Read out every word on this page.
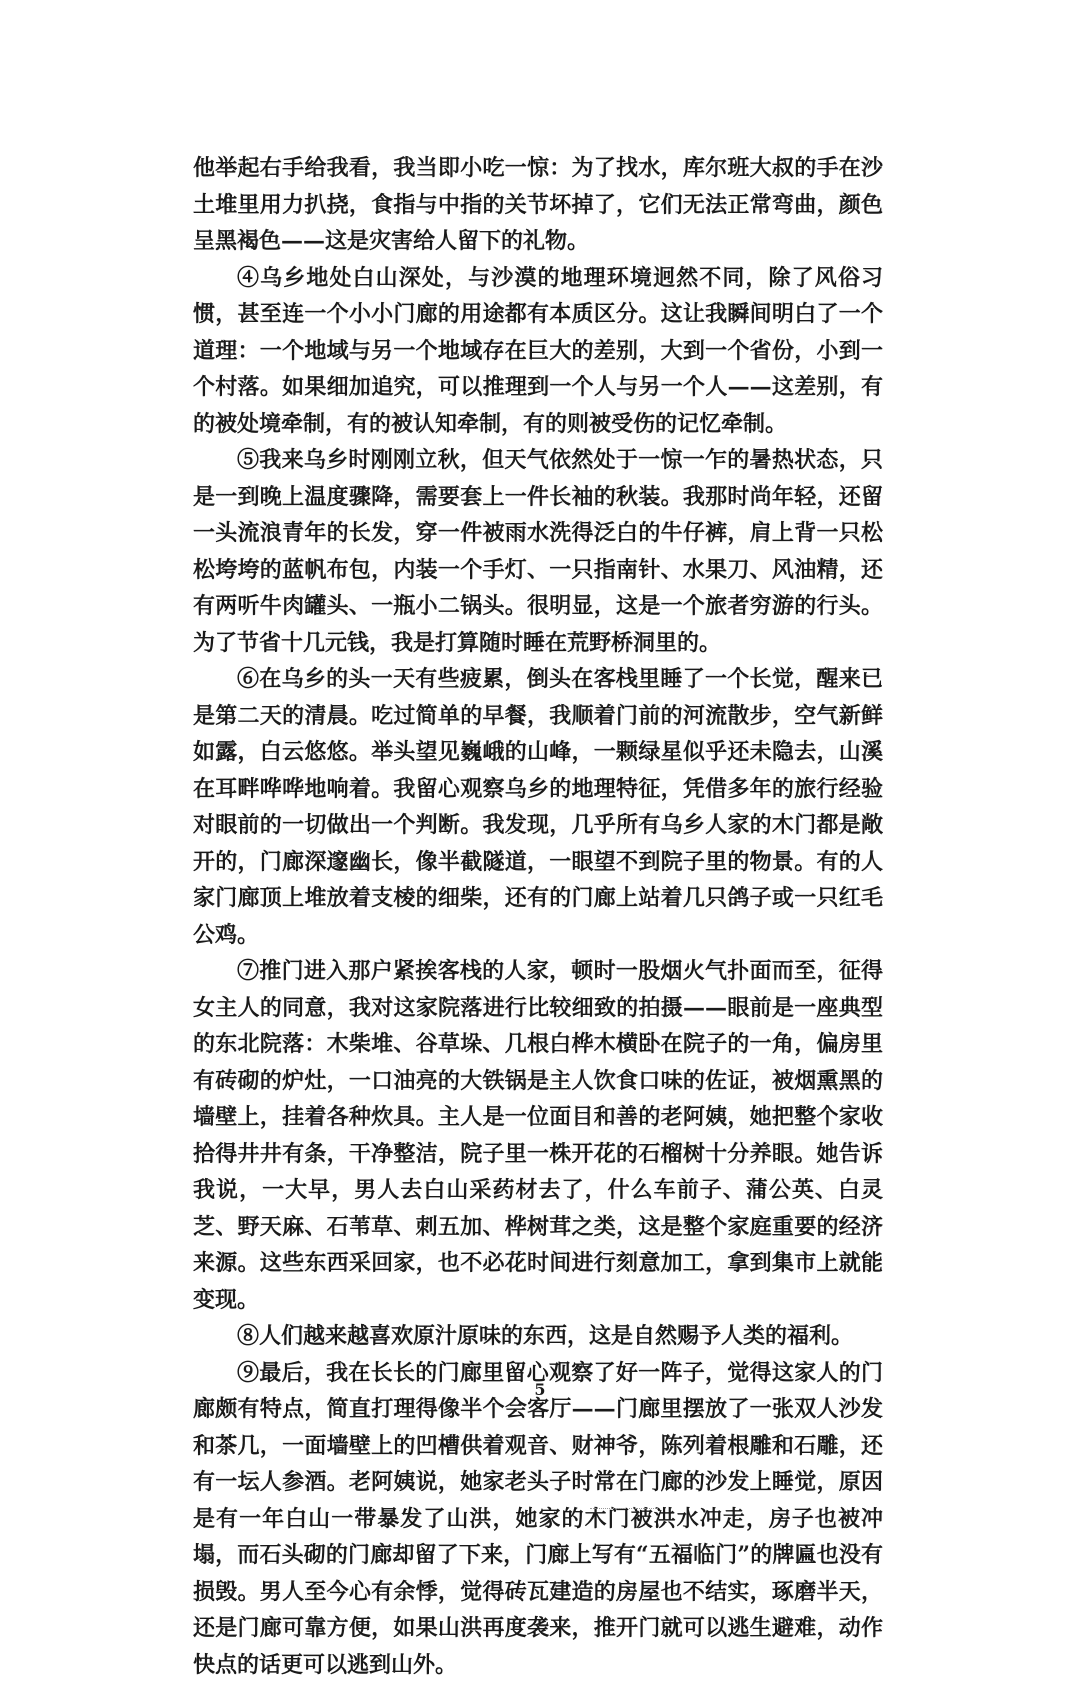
他举起右手给我看，我当即小吃一惊：为了找水，库尔班大叔的手在沙土堆里用力扒挠，食指与中指的关节坏掉了，它们无法正常弯曲，颜色呈黑褐色——这是灾害给人留下的礼物。

④乌乡地处白山深处，与沙漠的地理环境迥然不同，除了风俗习惯，甚至连一个小小门廊的用途都有本质区分。这让我瞬间明白了一个道理：一个地域与另一个地域存在巨大的差别，大到一个省份，小到一个村落。如果细加追究，可以推理到一个人与另一个人——这差别，有的被处境牵制，有的被认知牵制，有的则被受伤的记忆牵制。

⑤我来乌乡时刚刚立秋，但天气依然处于一惊一乍的暑热状态，只是一到晚上温度骤降，需要套上一件长袖的秋装。我那时尚年轻，还留一头流浪青年的长发，穿一件被雨水洗得泛白的牛仔裤，肩上背一只松松垮垮的蓝帆布包，内装一个手灯、一只指南针、水果刀、风油精，还有两听牛肉罐头、一瓶小二锅头。很明显，这是一个旅者穷游的行头。为了节省十几元钱，我是打算随时睡在荒野桥洞里的。

⑥在乌乡的头一天有些疲累，倒头在客栈里睡了一个长觉，醒来已是第二天的清晨。吃过简单的早餐，我顺着门前的河流散步，空气新鲜如露，白云悠悠。举头望见巍峨的山峰，一颗绿星似乎还未隐去，山溪在耳畔哗哗地响着。我留心观察乌乡的地理特征，凭借多年的旅行经验对眼前的一切做出一个判断。我发现，几乎所有乌乡人家的木门都是敞开的，门廊深邃幽长，像半截隧道，一眼望不到院子里的物景。有的人家门廊顶上堆放着支棱的细柴，还有的门廊上站着几只鸽子或一只红毛公鸡。

⑦推门进入那户紧挨客栈的人家，顿时一股烟火气扑面而至，征得女主人的同意，我对这家院落进行比较细致的拍摄——眼前是一座典型的东北院落：木柴堆、谷草垛、几根白桦木横卧在院子的一角，偏房里有砖砌的炉灶，一口油亮的大铁锅是主人饮食口味的佐证，被烟熏黑的墙壁上，挂着各种炊具。主人是一位面目和善的老阿姨，她把整个家收拾得井井有条，干净整洁，院子里一株开花的石榴树十分养眼。她告诉我说，一大早，男人去白山采药材去了，什么车前子、蒲公英、白灵芝、野天麻、石苇草、刺五加、桦树茸之类，这是整个家庭重要的经济来源。这些东西采回家，也不必花时间进行刻意加工，拿到集市上就能变现。

⑧人们越来越喜欢原汁原味的东西，这是自然赐予人类的福利。

⑨最后，我在长长的门廊里留心观察了好一阵子，觉得这家人的门廊颇有特点，简直打理得像半个会客厅——门廊里摆放了一张双人沙发和茶几，一面墙壁上的凹槽供着观音、财神爷，陈列着根雕和石雕，还有一坛人参酒。老阿姨说，她家老头子时常在门廊的沙发上睡觉，原因是有一年白山一带暴发了山洪，她家的木门被洪水冲走，房子也被冲塌，而石头砌的门廊却留了下来，门廊上写有“五福临门”的牌匾也没有损毁。男人至今心有余悸，觉得砖瓦建造的房屋也不结实，琢磨半天，还是门廊可靠方便，如果山洪再度袭来，推开门就可以逃生避难，动作快点的话更可以逃到山外。

5
